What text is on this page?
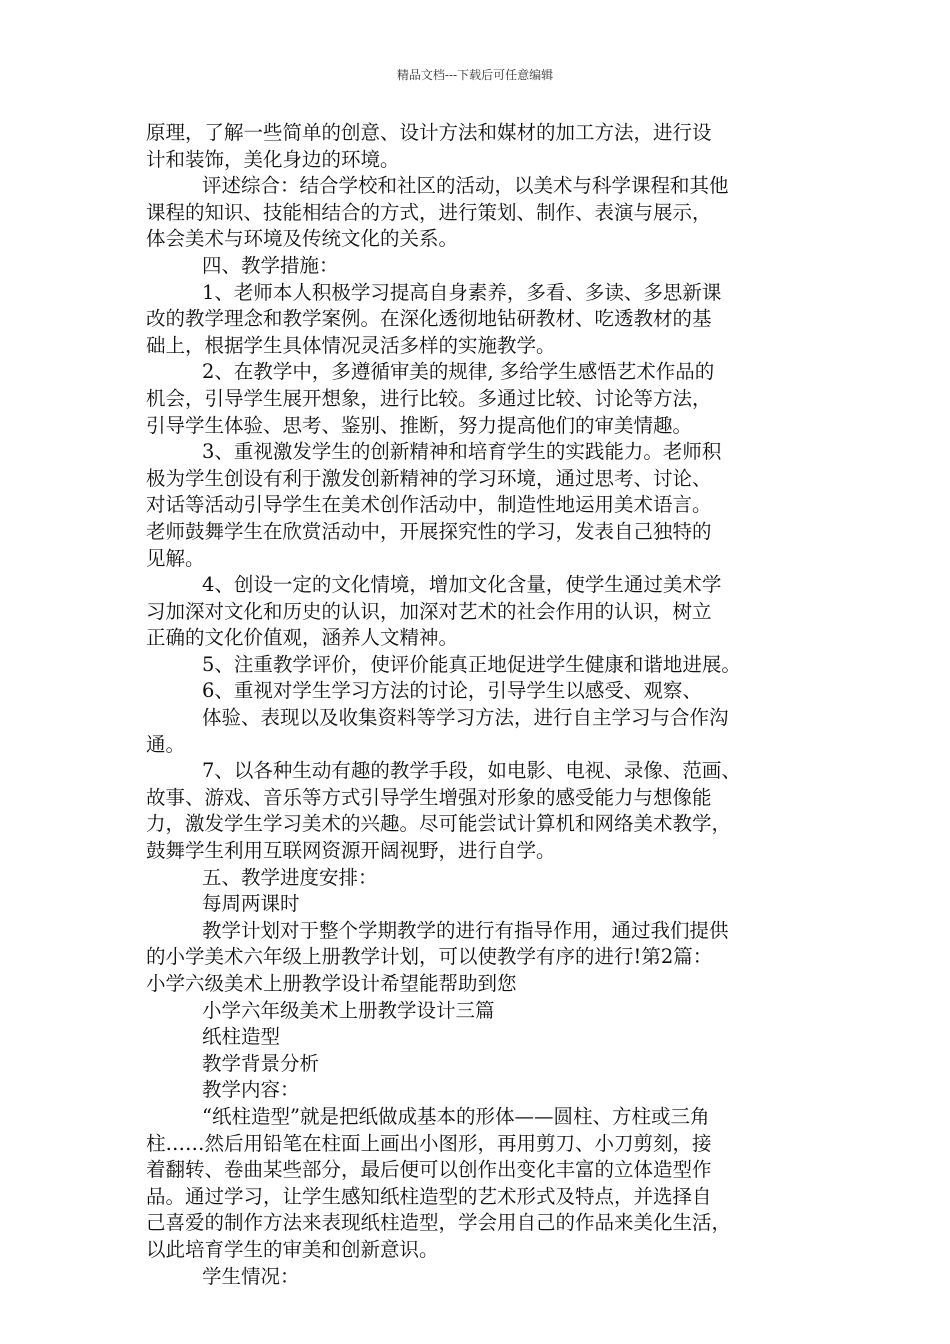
精品文档---下载后可任意编辑
原理，了解一些简单的创意、设计方法和媒材的加工方法，进行设
计和装饰，美化身边的环境。
评述综合：结合学校和社区的活动，以美术与科学课程和其他
课程的知识、技能相结合的方式，进行策划、制作、表演与展示，
体会美术与环境及传统文化的关系。
四、教学措施：
1、老师本人积极学习提高自身素养，多看、多读、多思新课
改的教学理念和教学案例。在深化透彻地钻研教材、吃透教材的基
础上，根据学生具体情况灵活多样的实施教学。
2、在教学中，多遵循审美的规律, 多给学生感悟艺术作品的
机会，引导学生展开想象，进行比较。多通过比较、讨论等方法，
引导学生体验、思考、鉴别、推断，努力提高他们的审美情趣。
3、重视激发学生的创新精神和培育学生的实践能力。老师积
极为学生创设有利于激发创新精神的学习环境，通过思考、讨论、
对话等活动引导学生在美术创作活动中，制造性地运用美术语言。
老师鼓舞学生在欣赏活动中，开展探究性的学习，发表自己独特的
见解。
4、创设一定的文化情境，增加文化含量，使学生通过美术学
习加深对文化和历史的认识，加深对艺术的社会作用的认识，树立
正确的文化价值观，涵养人文精神。
5、注重教学评价，使评价能真正地促进学生健康和谐地进展。
6、重视对学生学习方法的讨论，引导学生以感受、观察、
体验、表现以及收集资料等学习方法，进行自主学习与合作沟
通。
7、以各种生动有趣的教学手段，如电影、电视、录像、范画、
故事、游戏、音乐等方式引导学生增强对形象的感受能力与想像能
力，激发学生学习美术的兴趣。尽可能尝试计算机和网络美术教学，
鼓舞学生利用互联网资源开阔视野，进行自学。
五、教学进度安排：
每周两课时
教学计划对于整个学期教学的进行有指导作用，通过我们提供
的小学美术六年级上册教学计划，可以使教学有序的进行!第2篇：
小学六级美术上册教学设计希望能帮助到您
小学六年级美术上册教学设计三篇
纸柱造型
教学背景分析
教学内容：
“纸柱造型”就是把纸做成基本的形体——圆柱、方柱或三角
柱……然后用铅笔在柱面上画出小图形，再用剪刀、小刀剪刻，接
着翻转、卷曲某些部分，最后便可以创作出变化丰富的立体造型作
品。通过学习，让学生感知纸柱造型的艺术形式及特点，并选择自
己喜爱的制作方法来表现纸柱造型，学会用自己的作品来美化生活，
以此培育学生的审美和创新意识。
学生情况：
